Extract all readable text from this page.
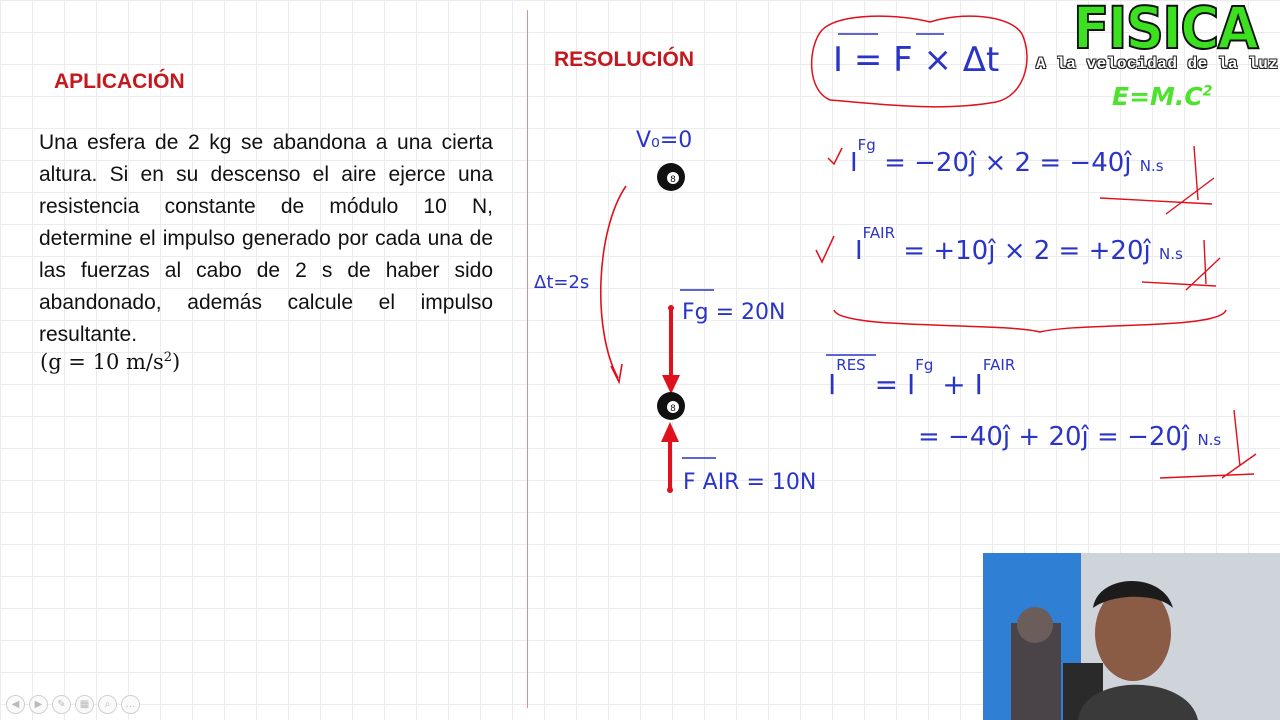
APLICACIÓN

Una esfera de 2 kg se abandona a una cierta altura. Si en su descenso el aire ejerce una resistencia constante de módulo 10 N, determine el impulso generado por cada una de las fuerzas al cabo de 2 s de haber sido abandonado, además calcule el impulso resultante.

(g = 10 $m/s^2$)
RESOLUCIÓN
8
8
V₀=0
Δt=2s
Fg = 20N
F AIR = 10N
I = F × Δt
$I^{Fg}$ = −20ĵ × 2 = −40ĵ N.s
$I^{FAIR}$ = +10ĵ × 2 = +20ĵ N.s
$IRES = I^{Fg} + I^{FAIR}$
= −40ĵ + 20ĵ = −20ĵ N.s
FISICA
A la velocidad de la luz
$E=M.C^2$
◀	▶	✎	▦	⌕	…
